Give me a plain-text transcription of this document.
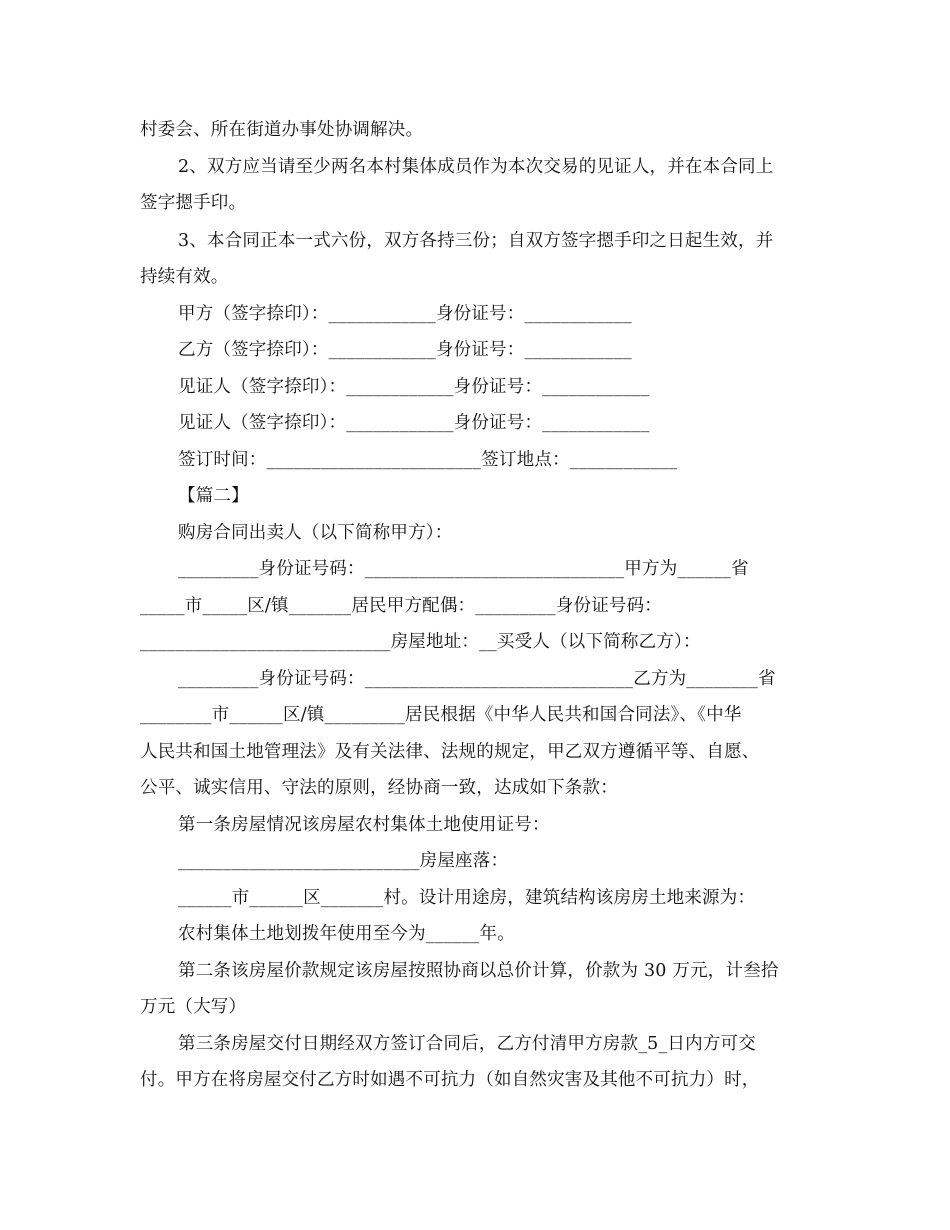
村委会、所在街道办事处协调解决。
2、双方应当请至少两名本村集体成员作为本次交易的见证人，并在本合同上
签字摁手印。
3、本合同正本一式六份，双方各持三份；自双方签字摁手印之日起生效，并
持续有效。
甲方（签字捺印）：____________身份证号：____________
乙方（签字捺印）：____________身份证号：____________
见证人（签字捺印）：____________身份证号：____________
见证人（签字捺印）：____________身份证号：____________
签订时间：________________________签订地点：____________
【篇二】
购房合同出卖人（以下简称甲方）：
_________身份证号码：_____________________________甲方为______省
_____市_____区/镇_______居民甲方配偶：_________身份证号码：
____________________________房屋地址：__买受人（以下简称乙方）：
_________身份证号码：______________________________乙方为________省
________市______区/镇_________居民根据《中华人民共和国合同法》、《中华
人民共和国土地管理法》及有关法律、法规的规定，甲乙双方遵循平等、自愿、
公平、诚实信用、守法的原则，经协商一致，达成如下条款：
第一条房屋情况该房屋农村集体土地使用证号：
___________________________房屋座落：
______市______区_______村。设计用途房，建筑结构该房房土地来源为：
农村集体土地划拨年使用至今为______年。
第二条该房屋价款规定该房屋按照协商以总价计算，价款为 30 万元，计叁拾
万元（大写）
第三条房屋交付日期经双方签订合同后，乙方付清甲方房款_5_日内方可交
付。甲方在将房屋交付乙方时如遇不可抗力（如自然灾害及其他不可抗力）时，
